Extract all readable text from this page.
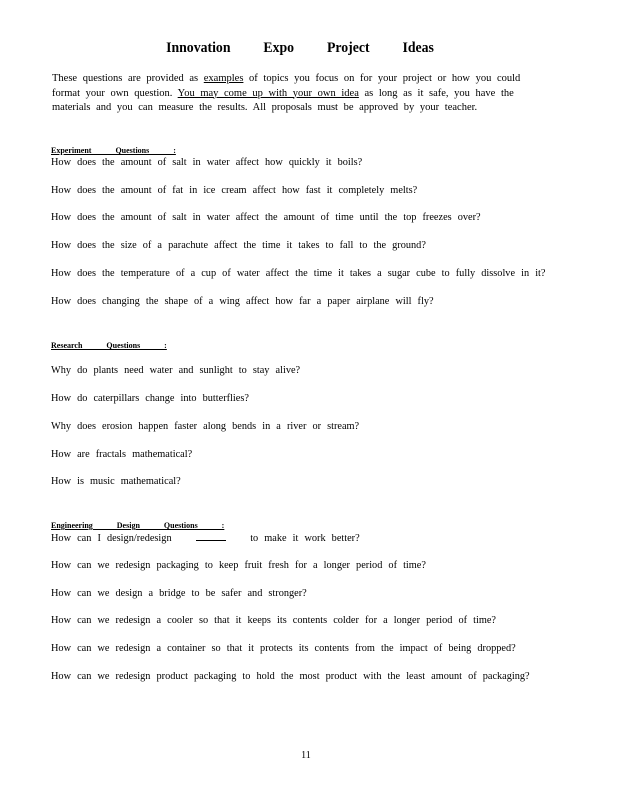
Innovation Expo Project Ideas
These questions are provided as examples of topics you focus on for your project or how you could format your own question. You may come up with your own idea as long as it safe, you have the materials and you can measure the results. All proposals must be approved by your teacher.
Experiment Questions :
How does the amount of salt in water affect how quickly it boils?
How does the amount of fat in ice cream affect how fast it completely melts?
How does the amount of salt in water affect the amount of time until the top freezes over?
How does the size of a parachute affect the time it takes to fall to the ground?
How does the temperature of a cup of water affect the time it takes a sugar cube to fully dissolve in it?
How does changing the shape of a wing affect how far a paper airplane will fly?
Research Questions :
Why do plants need water and sunlight to stay alive?
How do caterpillars change into butterflies?
Why does erosion happen faster along bends in a river or stream?
How are fractals mathematical?
How is music mathematical?
Engineering Design Questions :
How can I design/redesign	to make it work better?
How can we redesign packaging to keep fruit fresh for a longer period of time?
How can we design a bridge to be safer and stronger?
How can we redesign a cooler so that it keeps its contents colder for a longer period of time?
How can we redesign a container so that it protects its contents from the impact of being dropped?
How can we redesign product packaging to hold the most product with the least amount of packaging?
11
